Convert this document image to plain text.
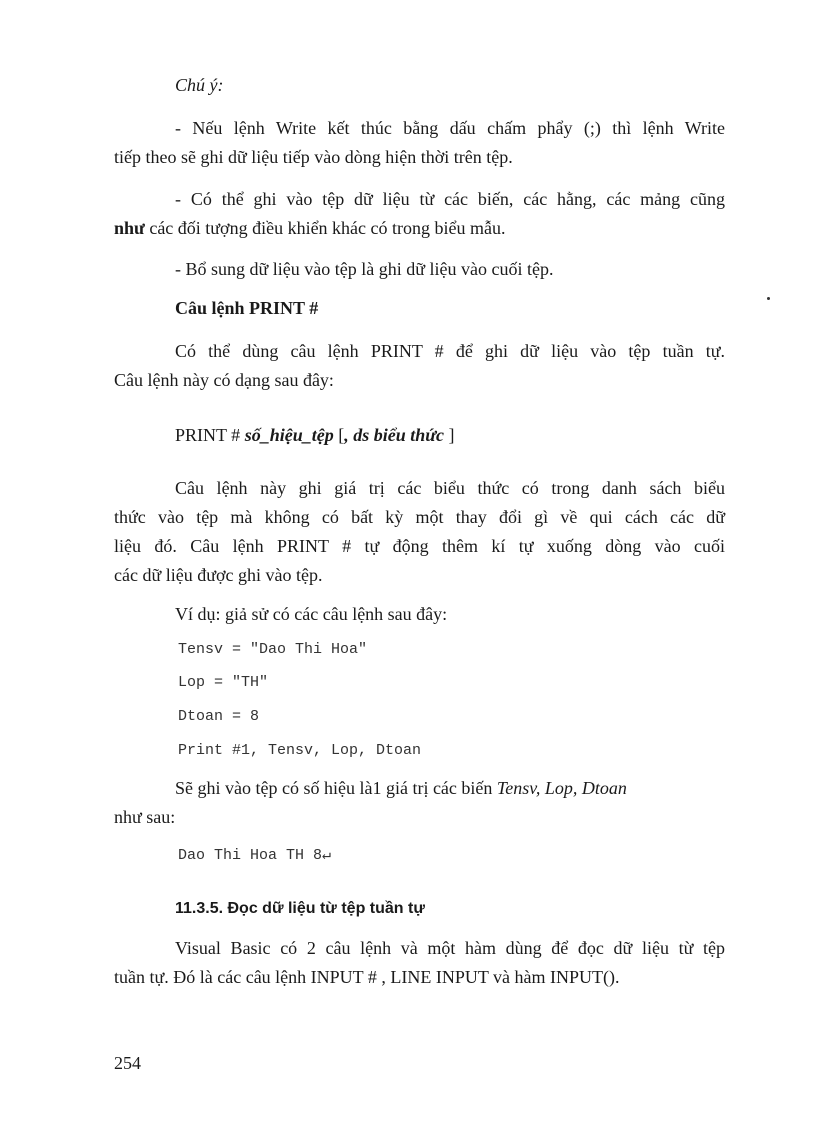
Chú ý:
- Nếu lệnh Write kết thúc bằng dấu chấm phẩy (;) thì lệnh Write
tiếp theo sẽ ghi dữ liệu tiếp vào dòng hiện thời trên tệp.
- Có thể ghi vào tệp dữ liệu từ các biến, các hằng, các mảng cũng
như các đối tượng điều khiển khác có trong biểu mẫu.
- Bổ sung dữ liệu vào tệp là ghi dữ liệu vào cuối tệp.
Câu lệnh PRINT #
Có thể dùng câu lệnh PRINT # để ghi dữ liệu vào tệp tuần tự.
Câu lệnh này có dạng sau đây:
PRINT # số_hiệu_tệp [, ds biểu thức ]
Câu lệnh này ghi giá trị các biểu thức có trong danh sách biểu
thức vào tệp mà không có bất kỳ một thay đổi gì về qui cách các dữ
liệu đó. Câu lệnh PRINT # tự động thêm kí tự xuống dòng vào cuối
các dữ liệu được ghi vào tệp.
Ví dụ: giả sử có các câu lệnh sau đây:
Tensv = "Dao Thi Hoa"
Lop = "TH"
Dtoan = 8
Print #1, Tensv, Lop, Dtoan
Sẽ ghi vào tệp có số hiệu là1 giá trị các biến Tensv, Lop, Dtoan
như sau:
Dao Thi Hoa TH 8↵
11.3.5. Đọc dữ liệu từ tệp tuần tự
Visual Basic có 2 câu lệnh và một hàm dùng để đọc dữ liệu từ tệp
tuần tự. Đó là các câu lệnh INPUT # , LINE INPUT và hàm INPUT().
254
